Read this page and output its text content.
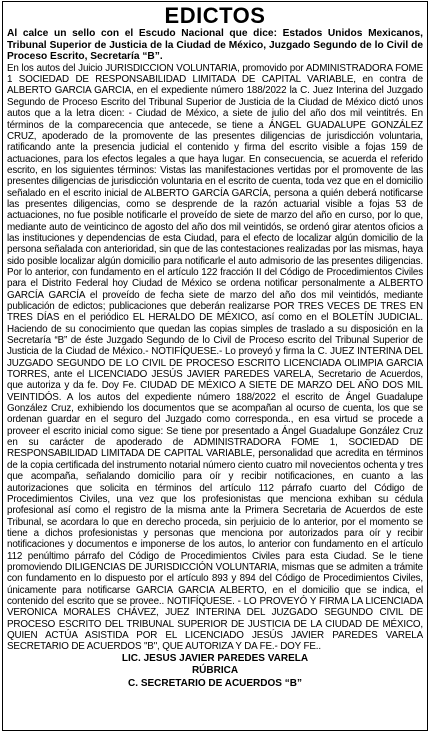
EDICTOS

Al calce un sello con el Escudo Nacional que dice: Estados Unidos Mexicanos, Tribunal Superior de Justicia de la Ciudad de México, Juzgado Segundo de lo Civil de Proceso Escrito, Secretaría “B”.

En los autos del Juicio JURISDICCION VOLUNTARIA, promovido por ADMINISTRADORA FOME 1 SOCIEDAD DE RESPONSABILIDAD LIMITADA DE CAPITAL VARIABLE, en contra de ALBERTO GARCIA GARCIA, en el expediente número 188/2022 la C. Juez Interina del Juzgado Segundo de Proceso Escrito del Tribunal Superior de Justicia de la Ciudad de México dictó unos autos que a la letra dicen: - Ciudad de México, a siete de julio del año dos mil veintitrés. En términos de la comparecencia que antecede, se tiene a ÁNGEL GUADALUPE GONZÁLEZ CRUZ, apoderado de la promovente de las presentes diligencias de jurisdicción voluntaria, ratificando ante la presencia judicial el contenido y firma del escrito visible a fojas 159 de actuaciones, para los efectos legales a que haya lugar. En consecuencia, se acuerda el referido escrito, en los siguientes términos: Vistas las manifestaciones vertidas por el promovente de las presentes diligencias de jurisdicción voluntaria en el escrito de cuenta, toda vez que en el domicilio señalado en el escrito inicial de ALBERTO GARCÍA GARCÍA, persona a quién deberá notificarse las presentes diligencias, como se desprende de la razón actuarial visible a fojas 53 de actuaciones, no fue posible notificarle el proveído de siete de marzo del año en curso, por lo que, mediante auto de veinticinco de agosto del año dos mil veintidós, se ordenó girar atentos oficios a las instituciones y dependencias de esta Ciudad, para el efecto de localizar algún domicilio de la persona señalada con anterioridad, sin que de las contestaciones realizadas por las mismas, haya sido posible localizar algún domicilio para notificarle el auto admisorio de las presentes diligencias. Por lo anterior, con fundamento en el artículo 122 fracción II del Código de Procedimientos Civiles para el Distrito Federal hoy Ciudad de México se ordena notificar personalmente a ALBERTO GARCÍA GARCÍA el proveído de fecha siete de marzo del año dos mil veintidós, mediante publicación de edictos; publicaciones que deberán realizarse POR TRES VECES DE TRES EN TRES DÍAS en el periódico EL HERALDO DE MÉXICO, así como en el BOLETÍN JUDICIAL. Haciendo de su conocimiento que quedan las copias simples de traslado a su disposición en la Secretaría “B” de éste Juzgado Segundo de lo Civil de Proceso escrito del Tribunal Superior de Justicia de la Ciudad de México.- NOTIFÍQUESE.- Lo proveyó y firma la C. JUEZ INTERINA DEL JUZGADO SEGUNDO DE LO CIVIL DE PROCESO ESCRITO LICENCIADA OLIMPIA GARCIA TORRES, ante el LICENCIADO JESÚS JAVIER PAREDES VARELA, Secretario de Acuerdos, que autoriza y da fe. Doy Fe. CIUDAD DE MÉXICO A SIETE DE MARZO DEL AÑO DOS MIL VEINTIDÓS. A los autos del expediente número 188/2022 el escrito de Ángel Guadalupe González Cruz, exhibiendo los documentos que se acompañan al ocurso de cuenta, los que se ordenan guardar en el seguro del Juzgado como corresponda., en esa virtud se procede a proveer el escrito inicial como sigue: Se tiene por presentado a Ángel Guadalupe González Cruz en su carácter de apoderado de ADMINISTRADORA FOME 1, SOCIEDAD DE RESPONSABILIDAD LIMITADA DE CAPITAL VARIABLE, personalidad que acredita en términos de la copia certificada del instrumento notarial número ciento cuatro mil novecientos ochenta y tres que acompaña, señalando domicilio para oír y recibir notificaciones, en cuanto a las autorizaciones que solicita en términos del artículo 112 párrafo cuarto del Código de Procedimientos Civiles, una vez que los profesionistas que menciona exhiban su cédula profesional así como el registro de la misma ante la Primera Secretaria de Acuerdos de este Tribunal, se acordara lo que en derecho proceda, sin perjuicio de lo anterior, por el momento se tiene a dichos profesionistas y personas que menciona por autorizados para oír y recibir notificaciones y documentos e imponerse de los autos, lo anterior con fundamento en el artículo 112 penúltimo párrafo del Código de Procedimientos Civiles para esta Ciudad. Se le tiene promoviendo DILIGENCIAS DE JURISDICCIÓN VOLUNTARIA, mismas que se admiten a trámite con fundamento en lo dispuesto por el artículo 893 y 894 del Código de Procedimientos Civiles, únicamente para notificarse GARCIA GARCIA ALBERTO, en el domicilio que se indica, el contenido del escrito que se provee.. NOTIFÍQUESE. - LO PROVEYÓ Y FIRMA LA LICENCIADA VERONICA MORALES CHÁVEZ, JUEZ INTERINA DEL JUZGADO SEGUNDO CIVIL DE PROCESO ESCRITO DEL TRIBUNAL SUPERIOR DE JUSTICIA DE LA CIUDAD DE MÉXICO, QUIEN ACTÚA ASISTIDA POR EL LICENCIADO JESÚS JAVIER PAREDES VARELA SECRETARIO DE ACUERDOS "B", QUE AUTORIZA Y DA FE.- DOY FE..

LIC. JESUS JAVIER PAREDES VARELA

RÚBRICA

C. SECRETARIO DE ACUERDOS “B”
